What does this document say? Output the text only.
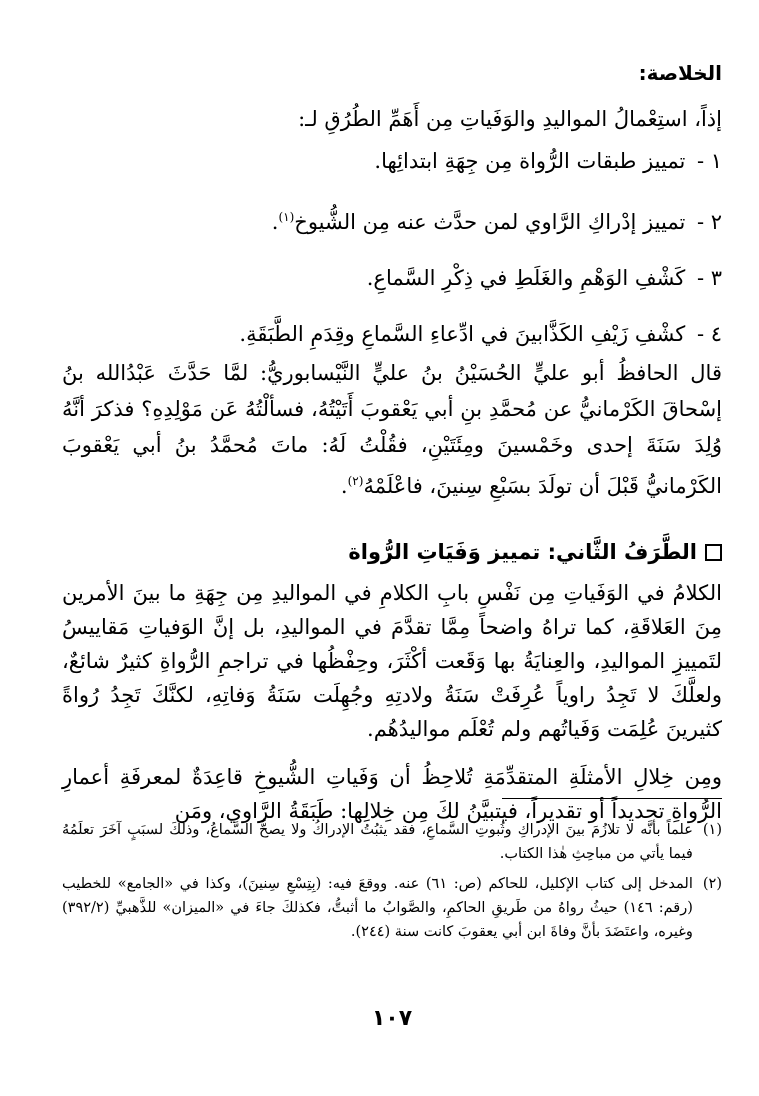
الخلاصة:

إذاً، استِعْمالُ المواليدِ والوَفَياتِ مِن أَهَمِّ الطُرُقِ لـ:

١ - تمييز طبقات الرُّواة مِن جِهَةِ ابتدائِها.
٢ - تمييز إدْراكِ الرَّاوي لمن حدَّث عنه مِن الشُّيوخ$^{(١)}$.
٣ - كَشْفِ الوَهْمِ والغَلَطِ في ذِكْرِ السَّماعِ.
٤ - كشْفِ زَيْفِ الكَذَّابينَ في ادِّعاءِ السَّماعِ وقِدَمِ الطَّبَقَةِ.

قال الحافظُ أبو عليٍّ الحُسَيْنُ بنُ عليٍّ النَّيْسابوريُّ: لمَّا حَدَّثَ عَبْدُالله بنُ إسْحاقَ الكَرْمانيُّ عن مُحمَّدِ بنِ أبي يَعْقوبَ أَتَيْتُهُ، فسألْتُهُ عَن مَوْلِدِهِ؟ فذكرَ أنَّهُ وُلِدَ سَنَةَ إحدى وخَمْسينَ ومِئَتَيْنِ، فقُلْتُ لَهُ: ماتَ مُحمَّدُ بنُ أبي يَعْقوبَ الكَرْمانيُّ قَبْلَ أن تولَدَ بسَبْعِ سِنينَ، فاعْلَمْهُ$^{(٢)}$.

الطَّرَفُ الثَّاني: تمييز وَفَيَاتِ الرُّواة

الكلامُ في الوَفَياتِ مِن نَفْسِ بابِ الكلامِ في المواليدِ مِن جِهَةِ ما بينَ الأمرين مِنَ العَلاقَةِ، كما تراهُ واضحاً مِمَّا تقدَّمَ في المواليدِ، بل إنَّ الوَفياتِ مَقاييسُ لتَمييزِ المواليدِ، والعِنايَةُ بها وَقَعت أكْثَرَ، وحِفْظُها في تراجمِ الرُّواةِ كثيرٌ شائعٌ، ولعلَّكَ لا تَجِدُ راوياً عُرِفَتْ سَنَةُ ولادتِهِ وجُهِلَت سَنَةُ وَفاتِهِ، لكنَّكَ تَجِدُ رُواةً كثيرينَ عُلِمَت وَفَياتُهم ولم تُعْلَم مواليدُهُم.

ومِن خِلالِ الأمثلَةِ المتقدِّمَةِ تُلاحِظُ أن وَفَياتِ الشُّيوخِ قاعِدَةٌ لمعرفَةِ أعمارِ الرُّواةِ تحديداً أو تقديراً، فيتبيَّنُ لكَ مِن خِلالِها: طَبَقَةُ الرَّاوي، ومَن

(١)
علماً بأنَّه لا تلازُمَ بينَ الإدراكِ وثُبوتِ السَّماعِ، فقد يثبُتُ الإدراكُ ولا يصحُّ السَّماعُ، وذلكَ لسبَبٍ آخَرَ تعلَمُهُ فيما يأتي من مباحِثِ هٰذا الكتاب.
(٢)
المدخل إلى كتاب الإكليل، للحاكم (ص: ٦١) عنه. ووقعَ فيه: (بِتِسْعِ سِنينَ)، وكذا في «الجامع» للخطيب (رقم: ١٤٦) حيثُ رواهُ من طَريقِ الحاكمِ، والصَّوابُ ما أثبتُّ، فكذلكَ جاءَ في «الميزان» للذَّهبيِّ (٣٩٢/٢) وغيره، واعتَضَدَ بأنَّ وفاةَ ابن أبي يعقوبَ كانت سنة (٢٤٤).
١٠٧
